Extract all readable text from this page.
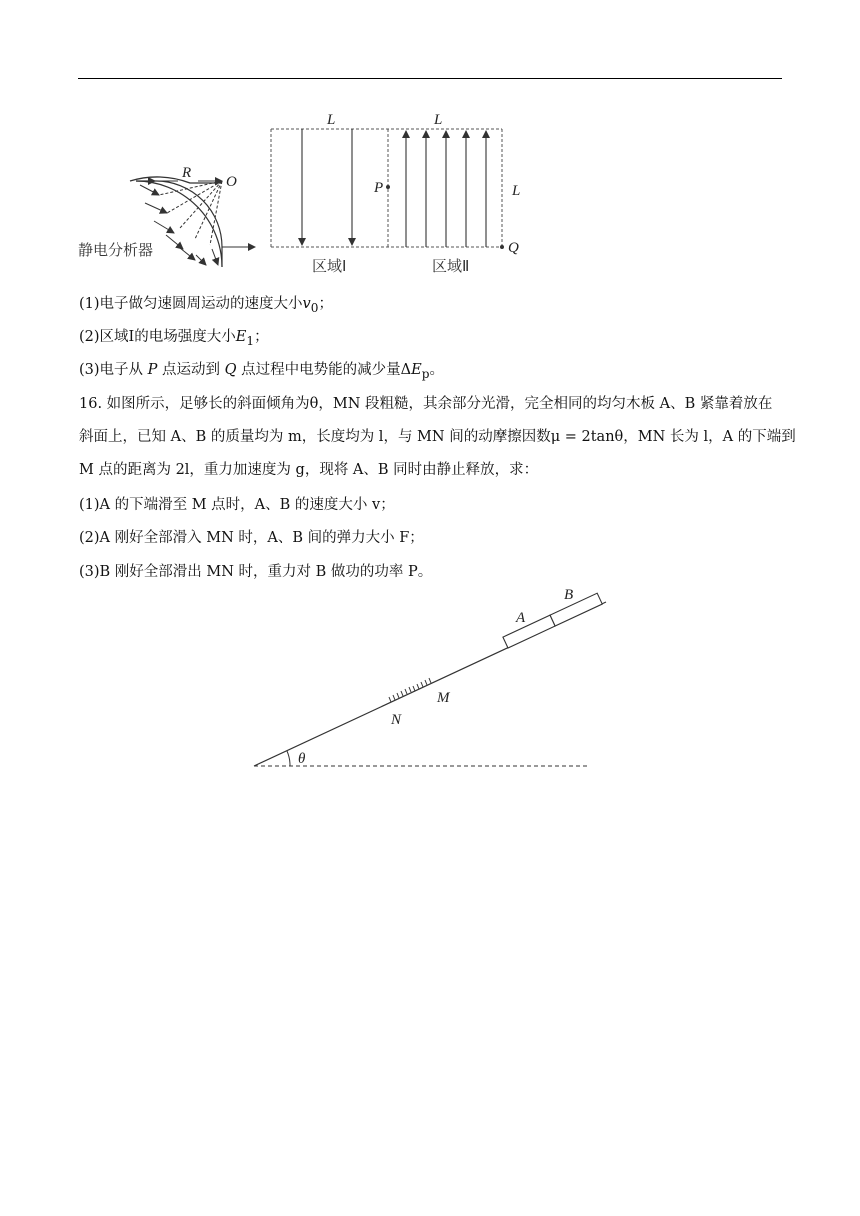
R
O
静电分析器
L	L
L
P
Q
区域Ⅰ	区域Ⅱ
(1)电子做匀速圆周运动的速度大小$v_0$；
(2)区域Ⅰ的电场强度大小$E_1$；
(3)电子从 P 点运动到 Q 点过程中电势能的减少量$\Delta E_p$。
16. 如图所示，足够长的斜面倾角为θ，MN 段粗糙，其余部分光滑，完全相同的均匀木板 A、B 紧靠着放在
斜面上，已知 A、B 的质量均为 m，长度均为 l，与 MN 间的动摩擦因数μ = 2tanθ，MN 长为 l，A 的下端到
M 点的距离为 2l，重力加速度为 g，现将 A、B 同时由静止释放，求：
(1)A 的下端滑至 M 点时，A、B 的速度大小 v；
(2)A 刚好全部滑入 MN 时，A、B 间的弹力大小 F；
(3)B 刚好全部滑出 MN 时，重力对 B 做功的功率 P。
θ
N
M
A
B
